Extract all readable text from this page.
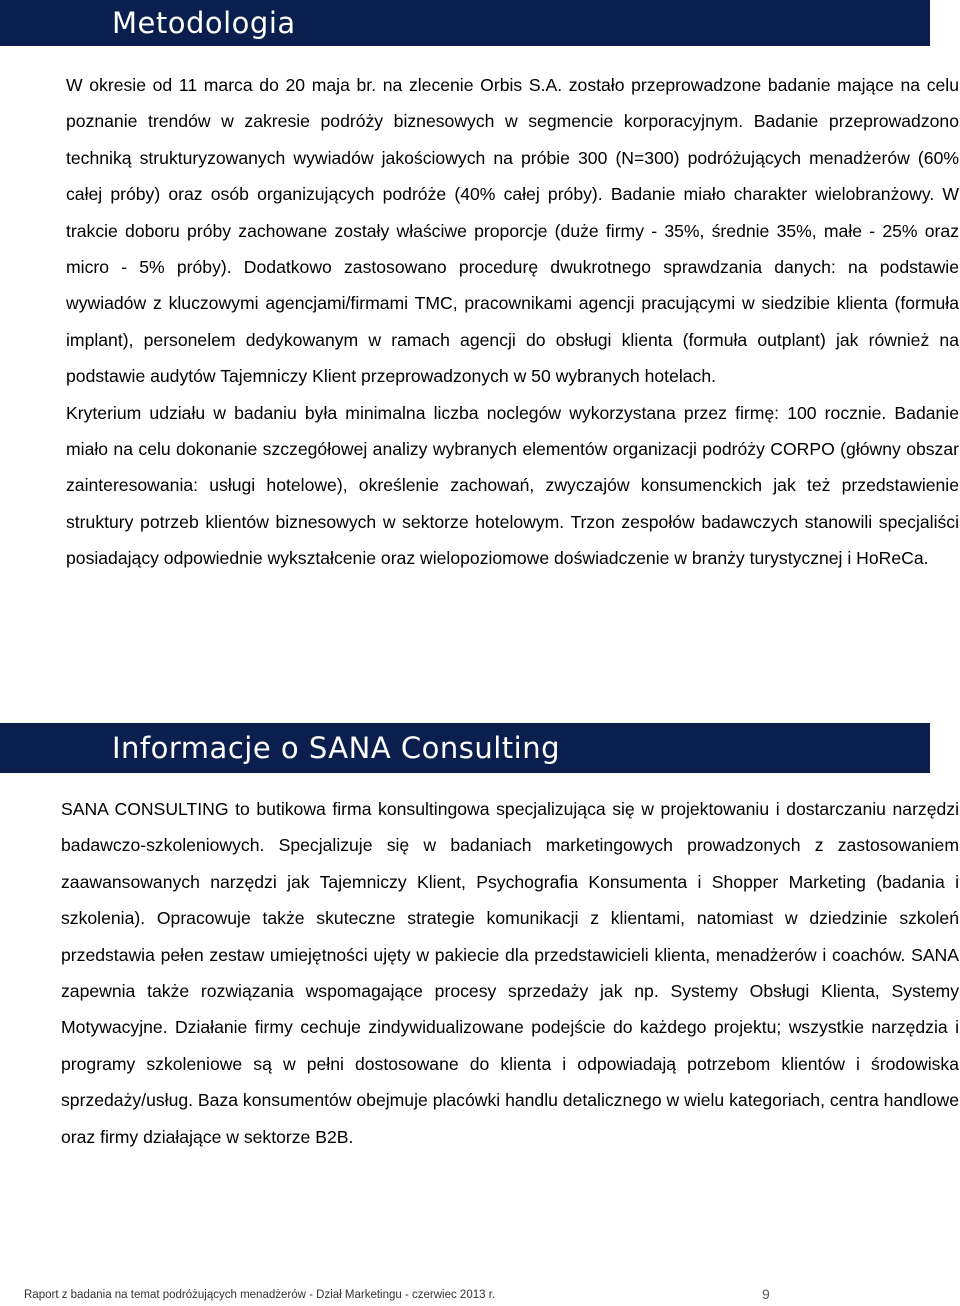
Metodologia

W okresie od 11 marca do 20 maja br. na zlecenie Orbis S.A. zostało przeprowadzone badanie mające na celu poznanie trendów w zakresie podróży biznesowych w segmencie korporacyjnym. Badanie przeprowadzono techniką strukturyzowanych wywiadów jakościowych na próbie 300 (N=300) podróżujących menadżerów (60% całej próby) oraz osób organizujących podróże (40% całej próby). Badanie miało charakter wielobranżowy. W trakcie doboru próby zachowane zostały właściwe proporcje (duże firmy - 35%, średnie 35%, małe - 25% oraz micro - 5% próby). Dodatkowo zastosowano procedurę dwukrotnego sprawdzania danych: na podstawie wywiadów z kluczowymi agencjami/firmami TMC, pracownikami agencji pracującymi w siedzibie klienta (formuła implant), personelem dedykowanym w ramach agencji do obsługi klienta (formuła outplant) jak również na podstawie audytów Tajemniczy Klient przeprowadzonych w 50 wybranych hotelach.

Kryterium udziału w badaniu była minimalna liczba noclegów wykorzystana przez firmę: 100 rocznie. Badanie miało na celu dokonanie szczegółowej analizy wybranych elementów organizacji podróży CORPO (główny obszar zainteresowania: usługi hotelowe), określenie zachowań, zwyczajów konsumenckich jak też przedstawienie struktury potrzeb klientów biznesowych w sektorze hotelowym. Trzon zespołów badawczych stanowili specjaliści posiadający odpowiednie wykształcenie oraz wielopoziomowe doświadczenie w branży turystycznej i HoReCa.

Informacje o SANA Consulting

SANA CONSULTING to butikowa firma konsultingowa specjalizująca się w projektowaniu i dostarczaniu narzędzi badawczo-szkoleniowych. Specjalizuje się w badaniach marketingowych prowadzonych z zastosowaniem zaawansowanych narzędzi jak Tajemniczy Klient, Psychografia Konsumenta i Shopper Marketing (badania i szkolenia). Opracowuje także skuteczne strategie komunikacji z klientami, natomiast w dziedzinie szkoleń przedstawia pełen zestaw umiejętności ujęty w pakiecie dla przedstawicieli klienta, menadżerów i coachów. SANA zapewnia także rozwiązania wspomagające procesy sprzedaży jak np. Systemy Obsługi Klienta, Systemy Motywacyjne. Działanie firmy cechuje zindywidualizowane podejście do każdego projektu; wszystkie narzędzia i programy szkoleniowe są w pełni dostosowane do klienta i odpowiadają potrzebom klientów i środowiska sprzedaży/usług. Baza konsumentów obejmuje placówki handlu detalicznego w wielu kategoriach, centra handlowe oraz firmy działające w sektorze B2B.

Raport z badania na temat podróżujących menadżerów - Dział Marketingu - czerwiec 2013 r.	9
